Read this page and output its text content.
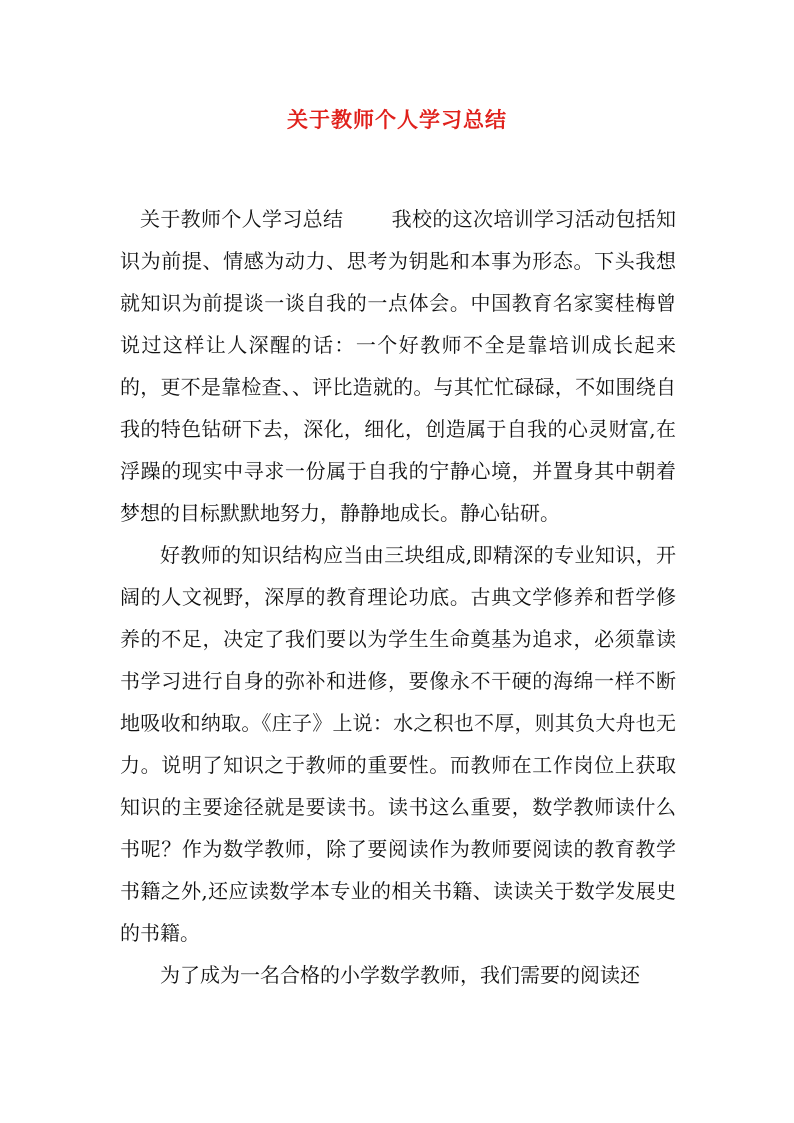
关于教师个人学习总结

关于教师个人学习总结 我校的这次培训学习活动包括知识为前提、情感为动力、思考为钥匙和本事为形态。下头我想就知识为前提谈一谈自我的一点体会。中国教育名家窦桂梅曾说过这样让人深醒的话：一个好教师不全是靠培训成长起来的，更不是靠检查、、评比造就的。与其忙忙碌碌，不如围绕自我的特色钻研下去，深化，细化，创造属于自我的心灵财富,在浮躁的现实中寻求一份属于自我的宁静心境，并置身其中朝着梦想的目标默默地努力，静静地成长。静心钻研。

好教师的知识结构应当由三块组成,即精深的专业知识，开阔的人文视野，深厚的教育理论功底。古典文学修养和哲学修养的不足，决定了我们要以为学生生命奠基为追求，必须靠读书学习进行自身的弥补和进修，要像永不干硬的海绵一样不断地吸收和纳取。《庄子》上说：水之积也不厚，则其负大舟也无力。说明了知识之于教师的重要性。而教师在工作岗位上获取知识的主要途径就是要读书。读书这么重要，数学教师读什么书呢？作为数学教师，除了要阅读作为教师要阅读的教育教学书籍之外,还应读数学本专业的相关书籍、读读关于数学发展史的书籍。

为了成为一名合格的小学数学教师，我们需要的阅读还
